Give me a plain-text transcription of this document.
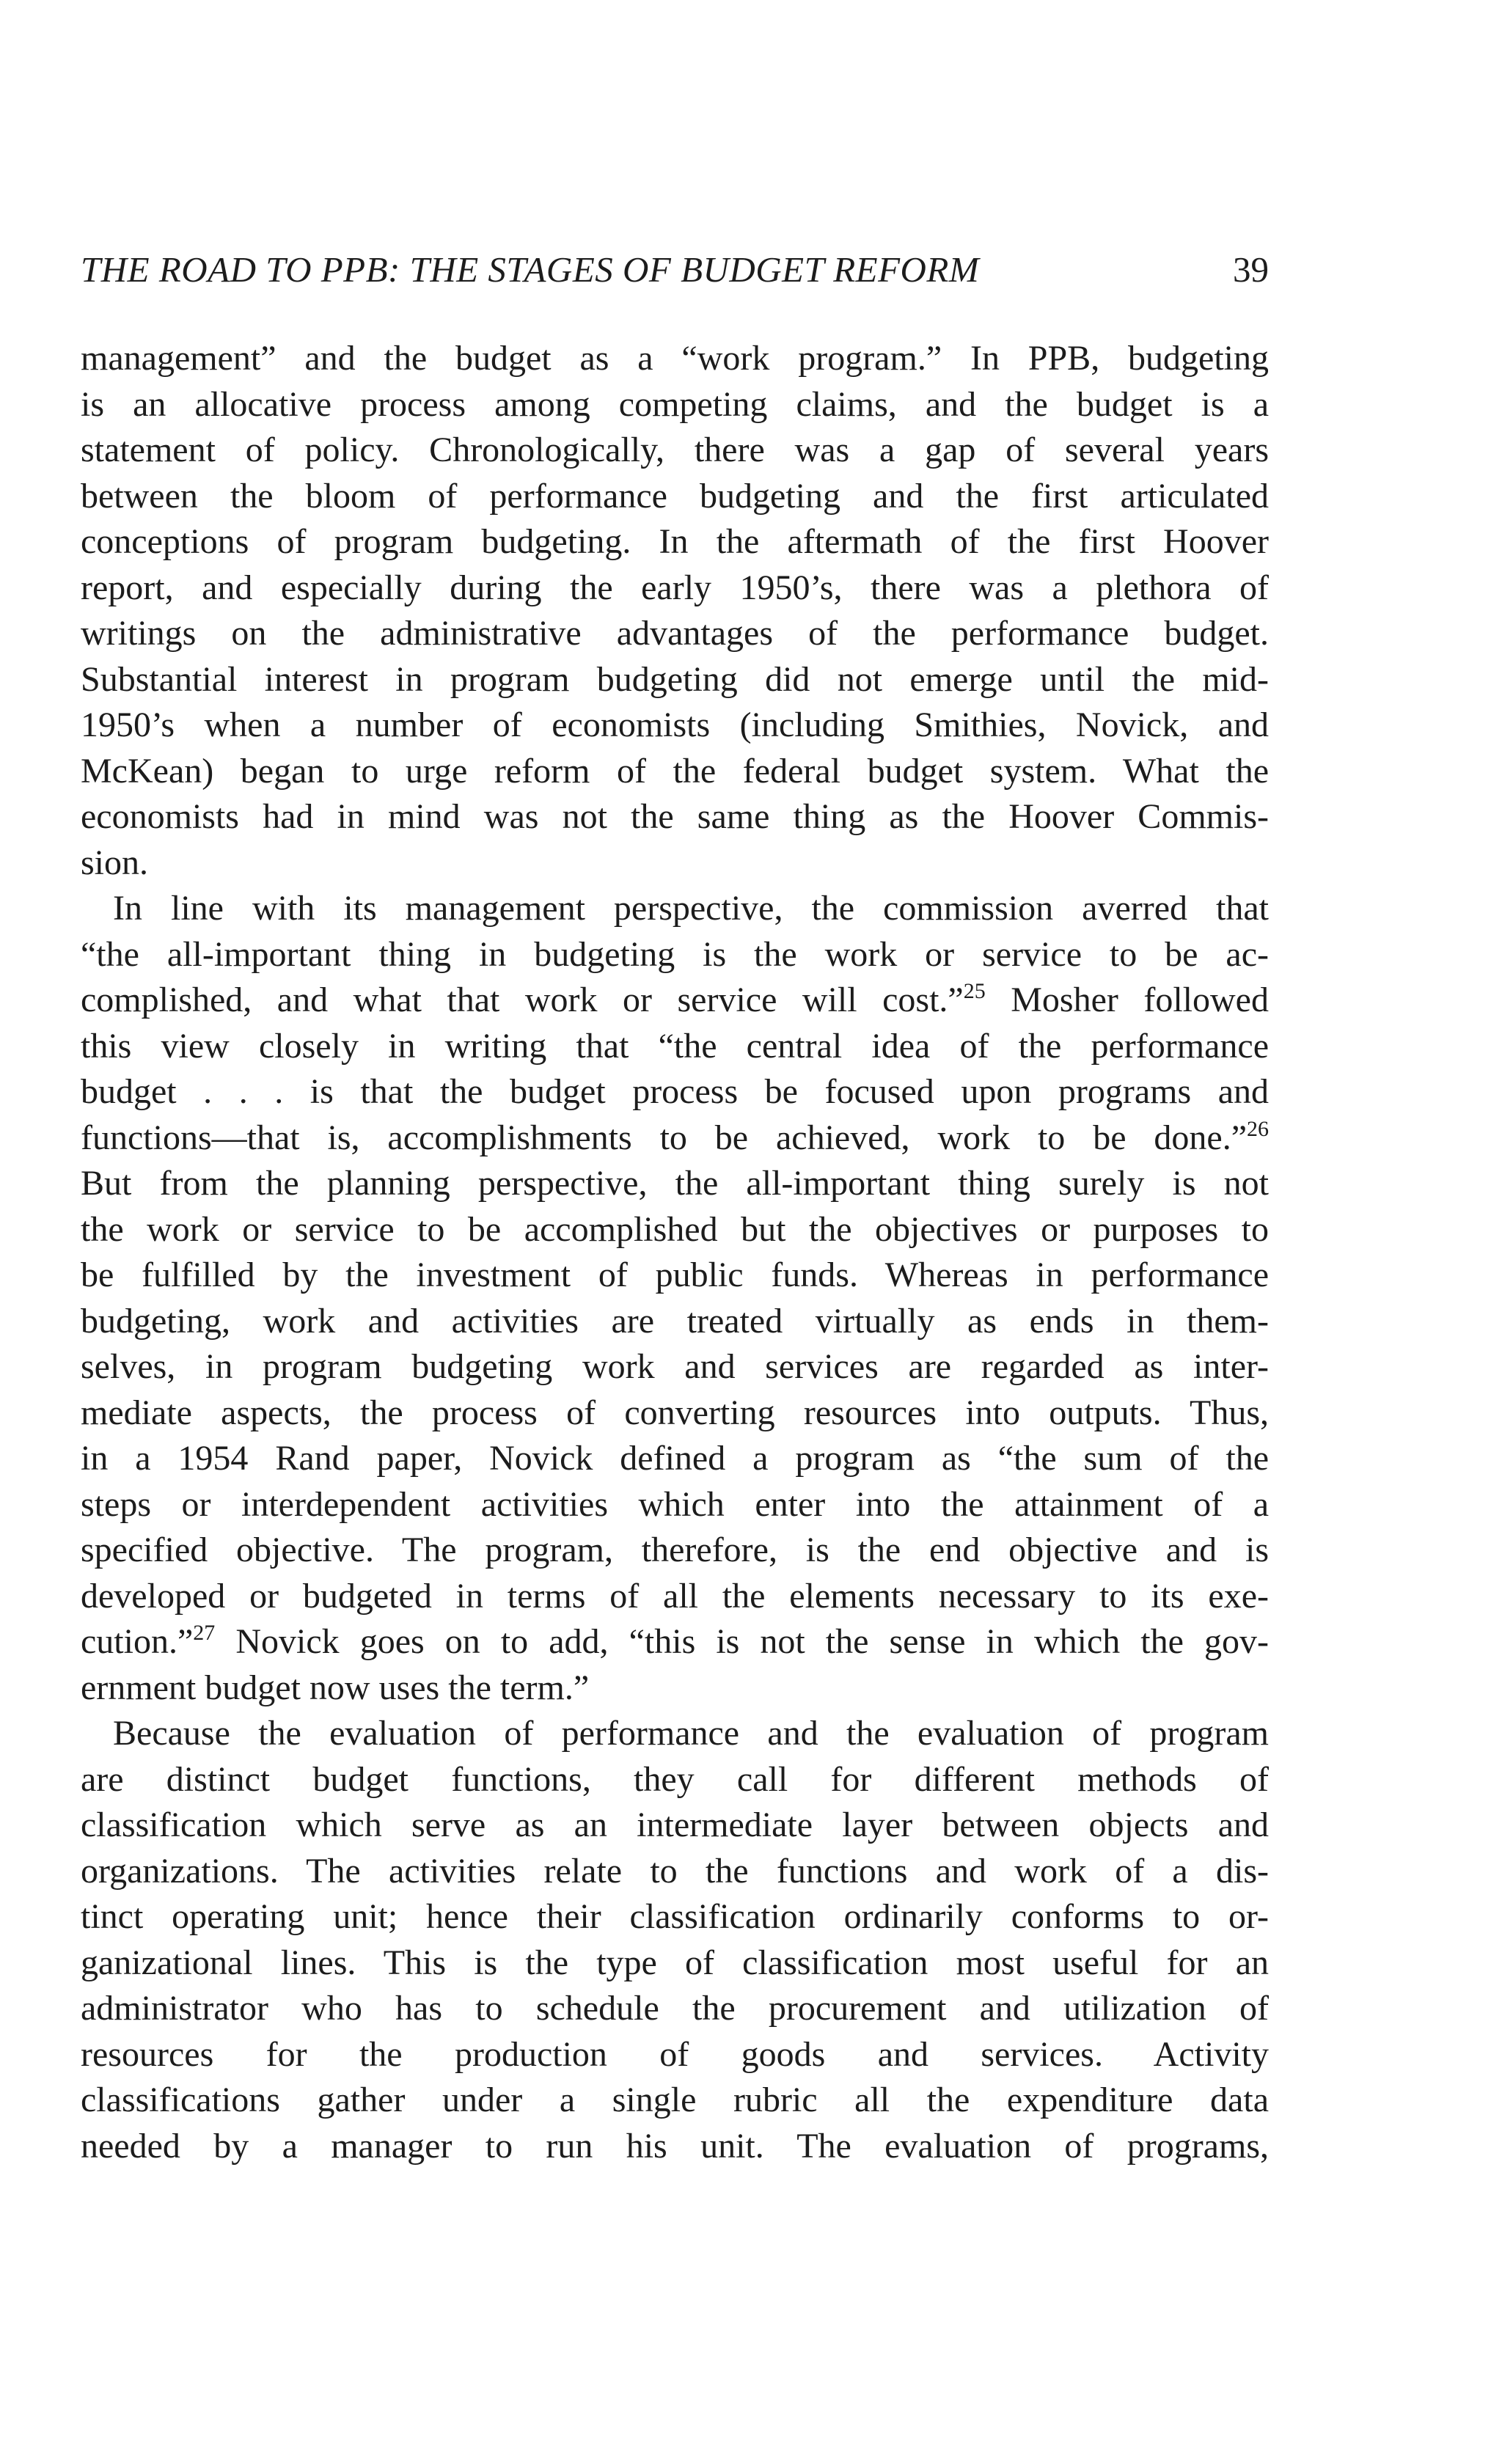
THE ROAD TO PPB: THE STAGES OF BUDGET REFORM	39
management” and the budget as a “work program.” In PPB, budgeting
is an allocative process among competing claims, and the budget is a
statement of policy. Chronologically, there was a gap of several years
between the bloom of performance budgeting and the first articulated
conceptions of program budgeting. In the aftermath of the first Hoover
report, and especially during the early 1950’s, there was a plethora of
writings on the administrative advantages of the performance budget.
Substantial interest in program budgeting did not emerge until the mid-
1950’s when a number of economists (including Smithies, Novick, and
McKean) began to urge reform of the federal budget system. What the
economists had in mind was not the same thing as the Hoover Commis-
sion.
In line with its management perspective, the commission averred that
“the all-important thing in budgeting is the work or service to be ac-
complished, and what that work or service will cost.”$^{25}$ Mosher followed
this view closely in writing that “the central idea of the performance
budget . . . is that the budget process be focused upon programs and
functions—that is, accomplishments to be achieved, work to be done.”$^{26}$
But from the planning perspective, the all-important thing surely is not
the work or service to be accomplished but the objectives or purposes to
be fulfilled by the investment of public funds. Whereas in performance
budgeting, work and activities are treated virtually as ends in them-
selves, in program budgeting work and services are regarded as inter-
mediate aspects, the process of converting resources into outputs. Thus,
in a 1954 Rand paper, Novick defined a program as “the sum of the
steps or interdependent activities which enter into the attainment of a
specified objective. The program, therefore, is the end objective and is
developed or budgeted in terms of all the elements necessary to its exe-
cution.”$^{27}$ Novick goes on to add, “this is not the sense in which the gov-
ernment budget now uses the term.”
Because the evaluation of performance and the evaluation of program
are distinct budget functions, they call for different methods of
classification which serve as an intermediate layer between objects and
organizations. The activities relate to the functions and work of a dis-
tinct operating unit; hence their classification ordinarily conforms to or-
ganizational lines. This is the type of classification most useful for an
administrator who has to schedule the procurement and utilization of
resources for the production of goods and services. Activity
classifications gather under a single rubric all the expenditure data
needed by a manager to run his unit. The evaluation of programs,
